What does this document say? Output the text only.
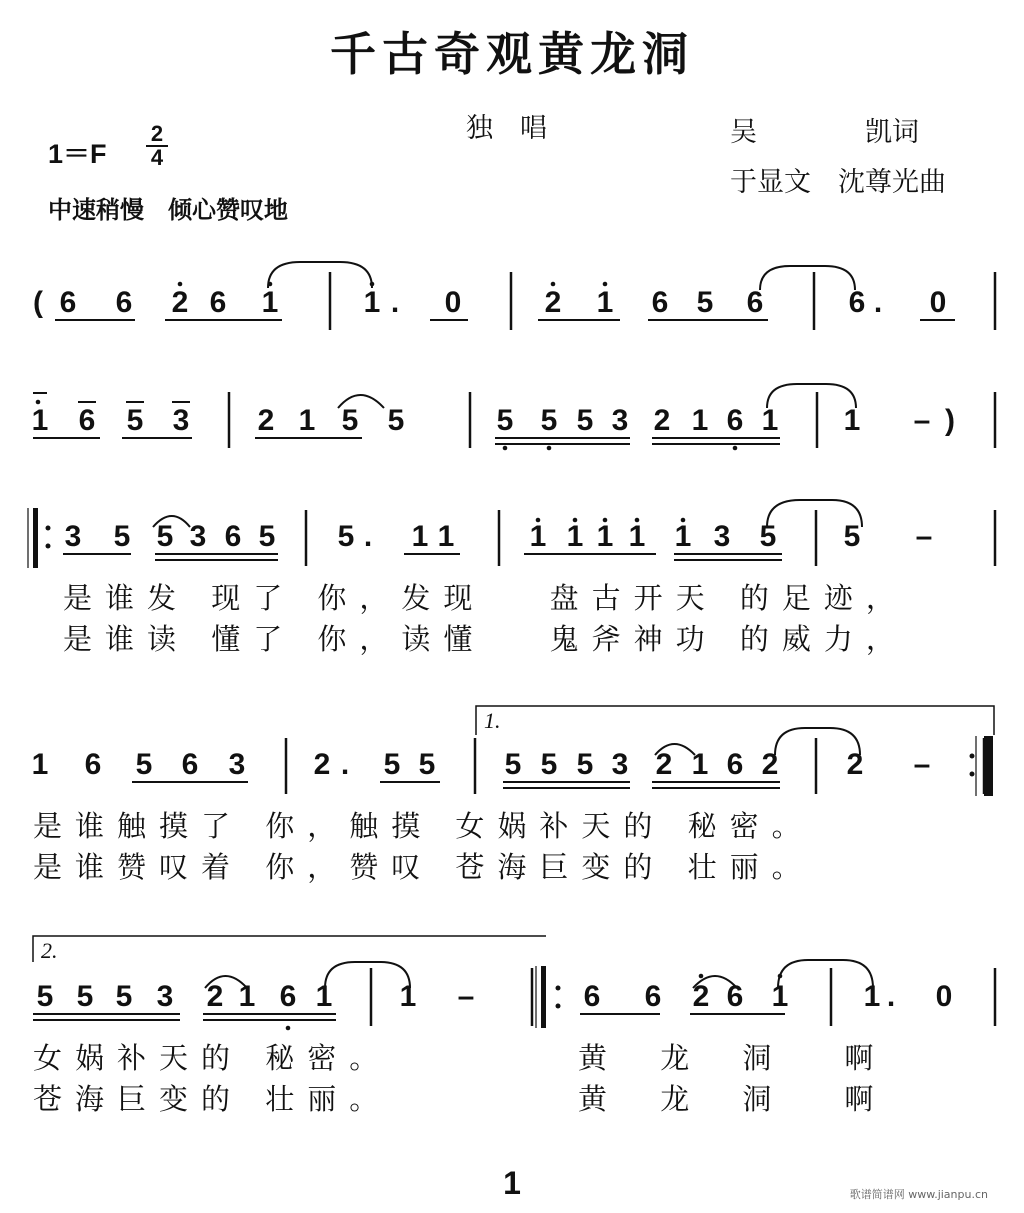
千古奇观黄龙洞
独　唱	吴　　　　凯词
于显文　沈尊光曲
1＝F
2
4
中速稍慢　倾心赞叹地
( 6 6 2 6 1	1 . 0	2 1 6 5 6	6 . 0
1 6 5 3 2 1 5 5	5 5 5 3 2 1 6 1 1 – )
3 5 5 3 6 5 5 . 1 1	1 1 1 1 1 3 5 5 –
是谁发 现了 你，发现　 盘古开天 的足迹，
是谁读 懂了 你，读懂　 鬼斧神功 的威力，
1.
1 6 5 6 3 2 . 5 5 5 5 5 3 2 1 6 2 2 –
是谁触摸了 你，触摸 女娲补天的 秘密。
是谁赞叹着 你，赞叹 苍海巨变的 壮丽。
2.
5 5 5 3 2 1 6 1 1 –	6 6 2 6 1	1 . 0
女娲补天的 秘密。
苍海巨变的 壮丽。
黄 龙 洞　啊
黄 龙 洞　啊
1	歌谱简谱网 www.jianpu.cn
